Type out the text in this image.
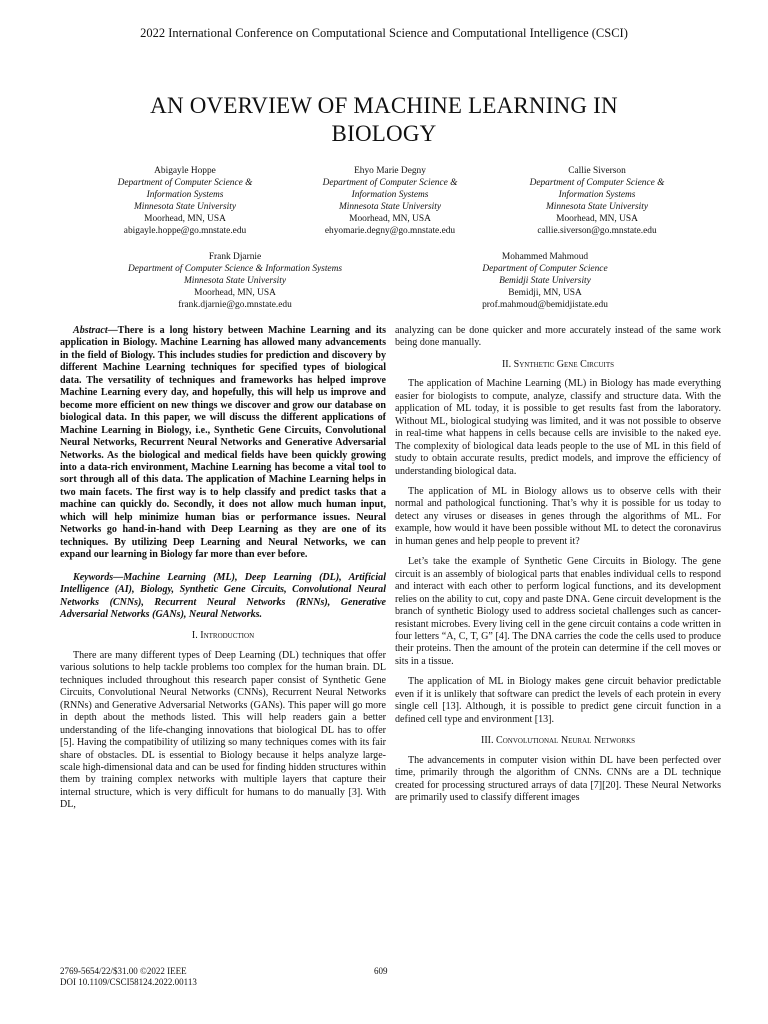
2022 International Conference on Computational Science and Computational Intelligence (CSCI)
AN OVERVIEW OF MACHINE LEARNING IN
BIOLOGY
Abigayle Hoppe
Department of Computer Science &
Information Systems
Minnesota State University
Moorhead, MN, USA
abigayle.hoppe@go.mnstate.edu
Ehyo Marie Degny
Department of Computer Science &
Information Systems
Minnesota State University
Moorhead, MN, USA
ehyomarie.degny@go.mnstate.edu
Callie Siverson
Department of Computer Science &
Information Systems
Minnesota State University
Moorhead, MN, USA
callie.siverson@go.mnstate.edu
Frank Djarnie
Department of Computer Science & Information Systems
Minnesota State University
Moorhead, MN, USA
frank.djarnie@go.mnstate.edu
Mohammed Mahmoud
Department of Computer Science
Bemidji State University
Bemidji, MN, USA
prof.mahmoud@bemidjistate.edu

Abstract—There is a long history between Machine Learning and its application in Biology. Machine Learning has allowed many advancements in the field of Biology. This includes studies for prediction and discovery by different Machine Learning techniques for specified types of biological data. The versatility of techniques and frameworks has helped improve Machine Learning every day, and hopefully, this will help us improve and become more efficient on new things we discover and grow our database on biological data. In this paper, we will discuss the different applications of Machine Learning in Biology, i.e., Synthetic Gene Circuits, Convolutional Neural Networks, Recurrent Neural Networks and Generative Adversarial Networks. As the biological and medical fields have been quickly growing into a data-rich environment, Machine Learning has become a vital tool to sort through all of this data. The application of Machine Learning helps in two main facets. The first way is to help classify and predict tasks that a machine can quickly do. Secondly, it does not allow much human input, which will help minimize human bias or performance issues. Neural Networks go hand-in-hand with Deep Learning as they are one of its techniques. By utilizing Deep Learning and Neural Networks, we can expand our learning in Biology far more than ever before.

Keywords—Machine Learning (ML), Deep Learning (DL), Artificial Intelligence (AI), Biology, Synthetic Gene Circuits, Convolutional Neural Networks (CNNs), Recurrent Neural Networks (RNNs), Generative Adversarial Networks (GANs), Neural Networks.

I. Introduction

There are many different types of Deep Learning (DL) techniques that offer various solutions to help tackle problems too complex for the human brain. DL techniques included throughout this research paper consist of Synthetic Gene Circuits, Convolutional Neural Networks (CNNs), Recurrent Neural Networks (RNNs) and Generative Adversarial Networks (GANs). This paper will go more in depth about the methods listed. This will help readers gain a better understanding of the life-changing innovations that biological DL has to offer [5]. Having the compatibility of utilizing so many techniques comes with its fair share of obstacles. DL is essential to Biology because it helps analyze large-scale high-dimensional data and can be used for finding hidden structures within them by training complex networks with multiple layers that capture their internal structure, which is very difficult for humans to do manually [3]. With DL,

analyzing can be done quicker and more accurately instead of the same work being done manually.

II. Synthetic Gene Circuits

The application of Machine Learning (ML) in Biology has made everything easier for biologists to compute, analyze, classify and structure data. With the application of ML today, it is possible to get results fast from the laboratory. Without ML, biological studying was limited, and it was not possible to observe in real-time what happens in cells because cells are invisible to the naked eye. The complexity of biological data leads people to the use of ML in this field of study to obtain accurate results, predict models, and improve the efficiency of understanding biological data.

The application of ML in Biology allows us to observe cells with their normal and pathological functioning. That’s why it is possible for us today to detect any viruses or diseases in genes through the algorithms of ML. For example, how would it have been possible without ML to detect the coronavirus in human genes and help people to prevent it?

Let’s take the example of Synthetic Gene Circuits in Biology. The gene circuit is an assembly of biological parts that enables individual cells to respond and interact with each other to perform logical functions, and its development relies on the ability to cut, copy and paste DNA. Gene circuit development is the branch of synthetic Biology used to address societal challenges such as cancer-resistant microbes. Every living cell in the gene circuit contains a code written in four letters “A, C, T, G” [4]. The DNA carries the code the cells used to produce their proteins. Then the amount of the protein can determine if the cell moves or sits in a tissue.

The application of ML in Biology makes gene circuit behavior predictable even if it is unlikely that software can predict the levels of each protein in every single cell [13]. Although, it is possible to predict gene circuit function in a defined cell type and environment [13].

III. Convolutional Neural Networks

The advancements in computer vision within DL have been perfected over time, primarily through the algorithm of CNNs. CNNs are a DL technique created for processing structured arrays of data [7][20]. These Neural Networks are primarily used to classify different images

2769-5654/22/$31.00 ©2022 IEEE
DOI 10.1109/CSCI58124.2022.00113
609
